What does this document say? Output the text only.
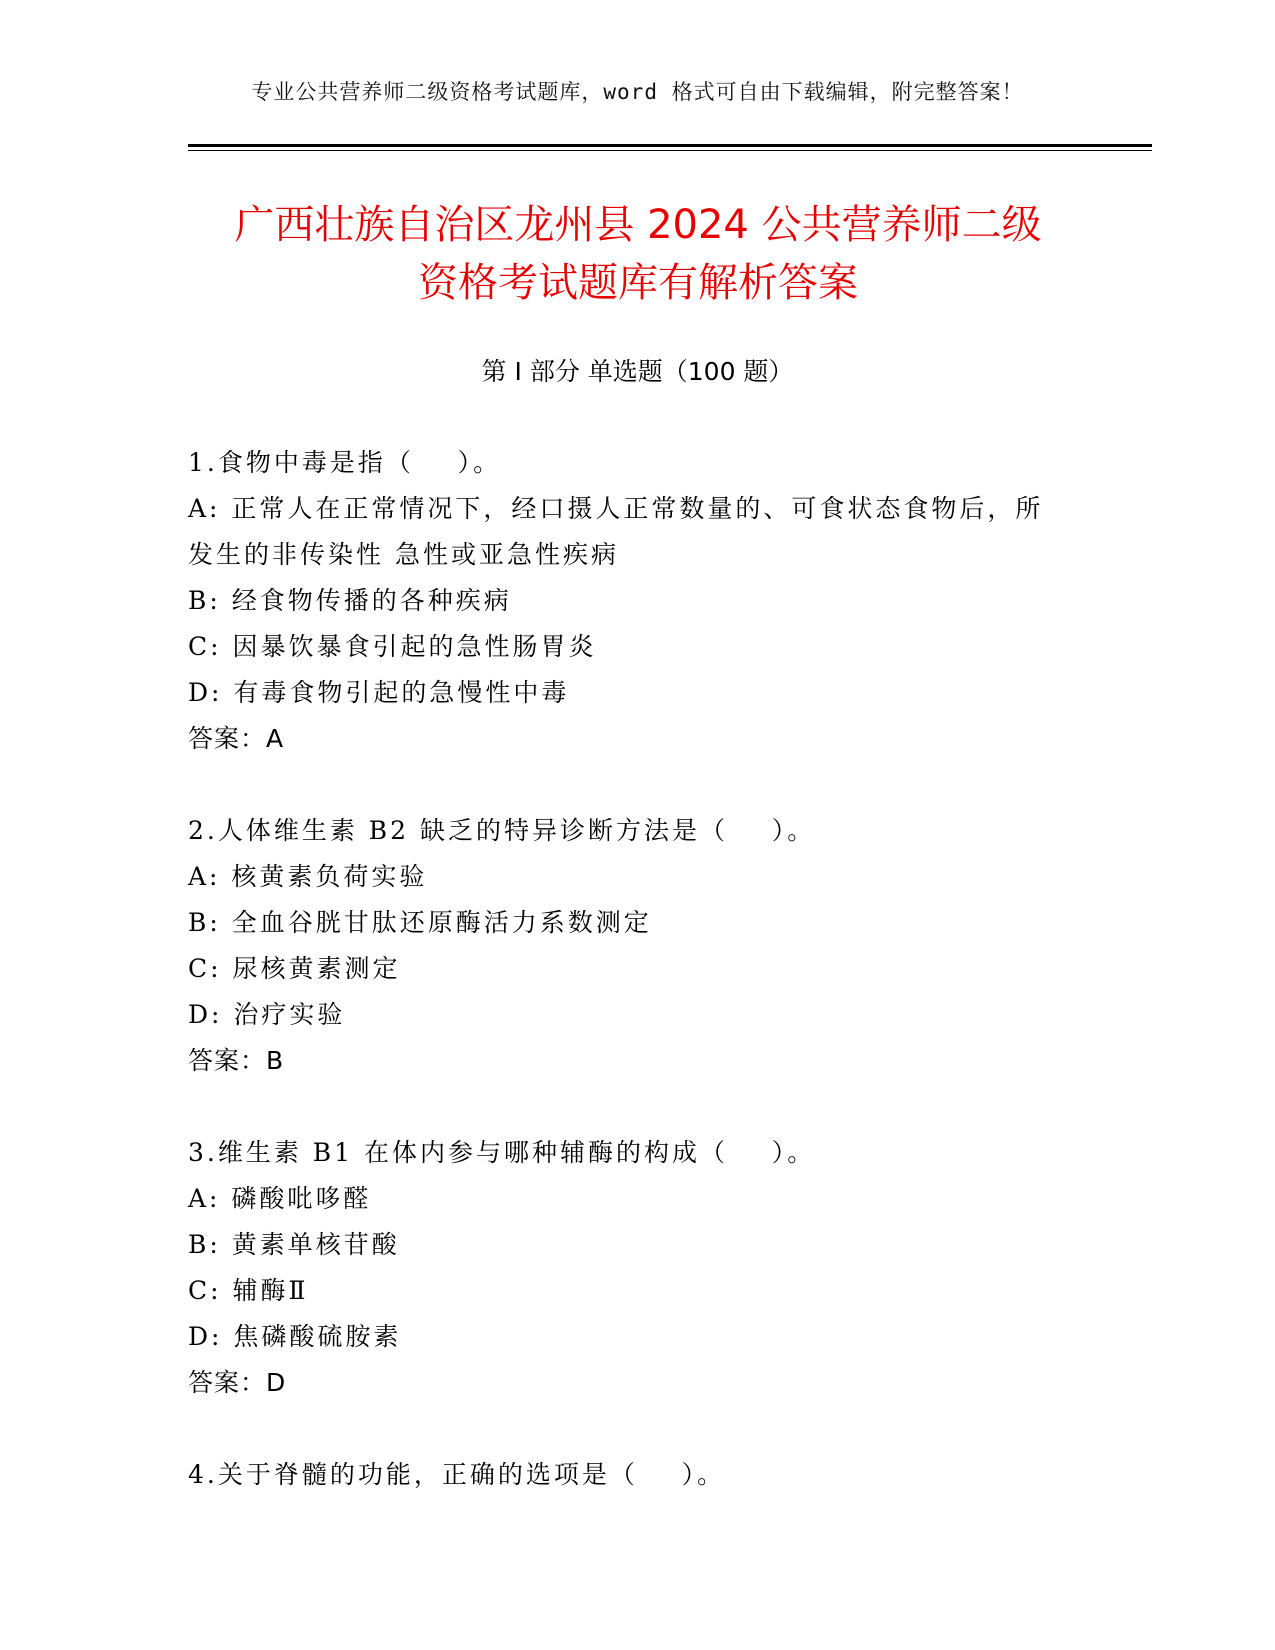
专业公共营养师二级资格考试题库，word 格式可自由下载编辑，附完整答案！
广西壮族自治区龙州县 2024 公共营养师二级
资格考试题库有解析答案
第 I 部分 单选题（100 题）
1.食物中毒是指（    ）。
A: 正常人在正常情况下，经口摄人正常数量的、可食状态食物后，所
发生的非传染性 急性或亚急性疾病
B: 经食物传播的各种疾病
C: 因暴饮暴食引起的急性肠胃炎
D: 有毒食物引起的急慢性中毒
答案：A
2.人体维生素 B2 缺乏的特异诊断方法是（    ）。
A: 核黄素负荷实验
B: 全血谷胱甘肽还原酶活力系数测定
C: 尿核黄素测定
D: 治疗实验
答案：B
3.维生素 B1 在体内参与哪种辅酶的构成（    ）。
A: 磷酸吡哆醛
B: 黄素单核苷酸
C: 辅酶Ⅱ
D: 焦磷酸硫胺素
答案：D
4.关于脊髓的功能，正确的选项是（    ）。
